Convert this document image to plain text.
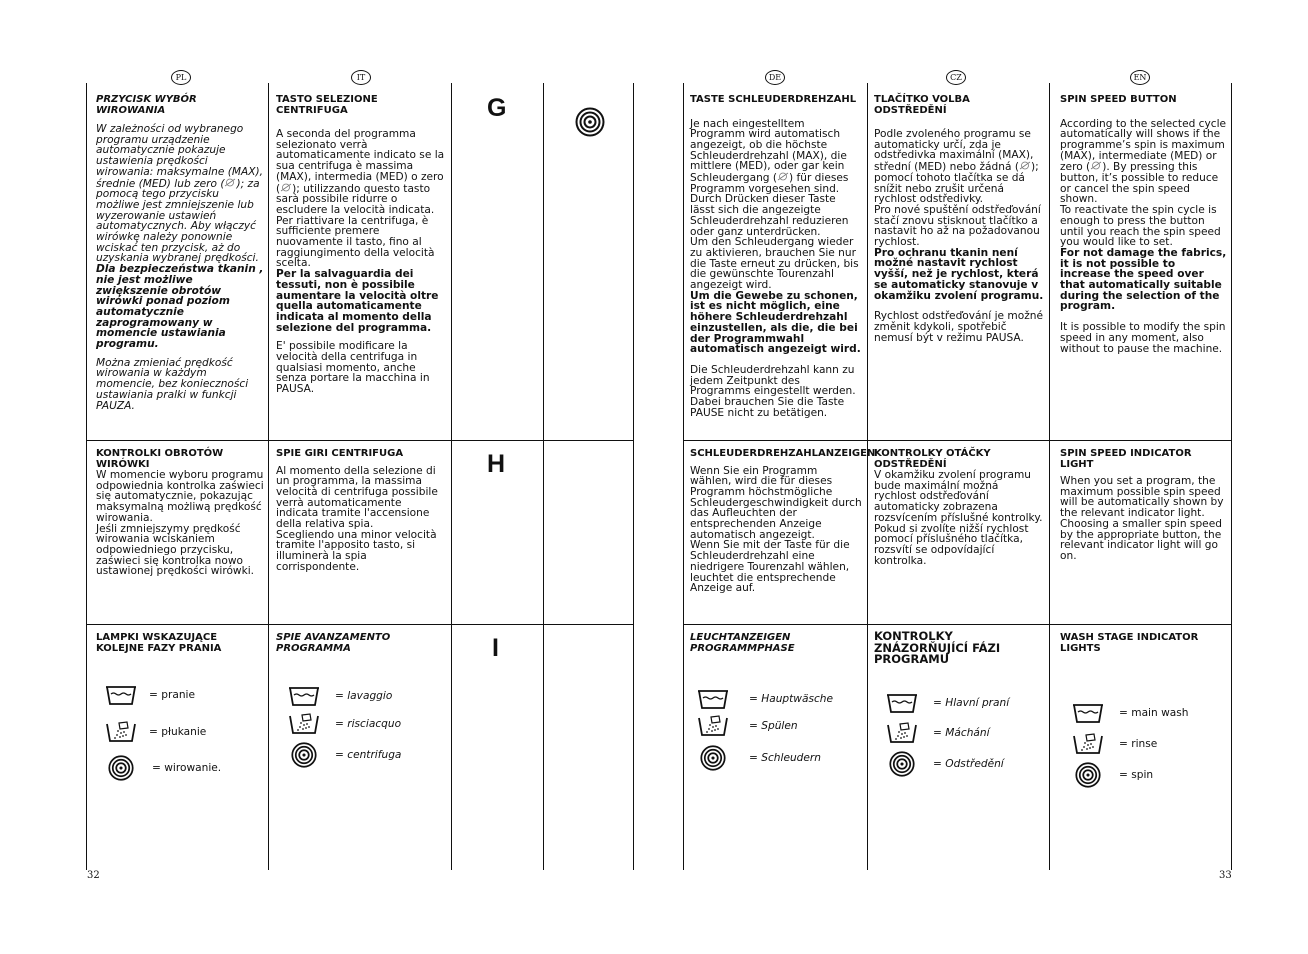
PL	IT
PRZYCISK WYBÓR WIROWANIA

W zależności od wybranego programu urządzenie automatycznie pokazuje ustawienia prędkości wirowania: maksymalne (MAX), średnie (MED) lub zero ( ); za pomocą tego przycisku możliwe jest zmniejszenie lub wyzerowanie ustawień automatycznych. Aby włączyć wirówkę należy ponownie wciskać ten przycisk, aż do uzyskania wybranej prędkości.

Dla bezpieczeństwa tkanin , nie jest możliwe zwiększenie obrotów wirówki ponad poziom automatycznie zaprogramowany w momencie ustawiania programu.

Można zmieniać prędkość wirowania w każdym momencie, bez konieczności ustawiania pralki w funkcji PAUZA.

TASTO SELEZIONE CENTRIFUGA

A seconda del programma selezionato verrà automaticamente indicato se la sua centrifuga è massima (MAX), intermedia (MED) o zero ( ); utilizzando questo tasto sarà possibile ridurre o escludere la velocità indicata.

Per riattivare la centrifuga, è sufficiente premere nuovamente il tasto, fino al raggiungimento della velocità scelta.

Per la salvaguardia dei tessuti, non è possibile aumentare la velocità oltre quella automaticamente indicata al momento della selezione del programma.

E' possibile modificare la velocità della centrifuga in qualsiasi momento, anche senza portare la macchina in PAUSA.

G
KONTROLKI OBROTÓW WIRÓWKI

W momencie wyboru programu odpowiednia kontrolka zaświeci się automatycznie, pokazując maksymalną możliwą prędkość wirowania.

Jeśli zmniejszymy prędkość wirowania wciskaniem odpowiedniego przycisku, zaświeci się kontrolka nowo ustawionej prędkości wirówki.

SPIE GIRI CENTRIFUGA

Al momento della selezione di un programma, la massima velocità di centrifuga possibile verrà automaticamente indicata tramite l'accensione della relativa spia.

Scegliendo una minor velocità tramite l'apposito tasto, si illuminerà la spia corrispondente.

H
LAMPKI WSKAZUJĄCE KOLEJNE FAZY PRANIA
= pranie
= płukanie
= wirowanie.
SPIE AVANZAMENTO PROGRAMMA
= lavaggio
= risciacquo
= centrifuga
I
32
DE	CZ	EN
TASTE SCHLEUDERDREHZAHL

Je nach eingestelltem Programm wird automatisch angezeigt, ob die höchste Schleuderdrehzahl (MAX), die mittlere (MED), oder gar kein Schleudergang ( ) für dieses Programm vorgesehen sind. Durch Drücken dieser Taste lässt sich die angezeigte Schleuderdrehzahl reduzieren oder ganz unterdrücken.

Um den Schleudergang wieder zu aktivieren, brauchen Sie nur die Taste erneut zu drücken, bis die gewünschte Tourenzahl angezeigt wird.

Um die Gewebe zu schonen, ist es nicht möglich, eine höhere Schleuderdrehzahl einzustellen, als die, die bei der Programmwahl automatisch angezeigt wird.

Die Schleuderdrehzahl kann zu jedem Zeitpunkt des Programms eingestellt werden. Dabei brauchen Sie die Taste PAUSE nicht zu betätigen.

TLAČÍTKO VOLBA ODSTŘEDĚNÍ

Podle zvoleného programu se automaticky určí, zda je odstředivka maximální (MAX), střední (MED) nebo žádná ( ); pomocí tohoto tlačítka se dá snížit nebo zrušit určená rychlost odstředivky.

Pro nové spuštění odstřeďování stačí znovu stisknout tlačítko a nastavit ho až na požadovanou rychlost.

Pro ochranu tkanin není možné nastavit rychlost vyšší, než je rychlost, která se automaticky stanovuje v okamžiku zvolení programu.

Rychlost odstřeďování je možné změnit kdykoli, spotřebič nemusí být v režimu PAUSA.

SPIN SPEED BUTTON

According to the selected cycle automatically will shows if the programme’s spin is maximum (MAX), intermediate (MED) or zero ( ). By pressing this button, it’s possible to reduce or cancel the spin speed shown.

To reactivate the spin cycle is enough to press the button until you reach the spin speed you would like to set.

For not damage the fabrics, it is not possible to increase the speed over that automatically suitable during the selection of the program.

It is possible to modify the spin speed in any moment, also without to pause the machine.

SCHLEUDERDREHZAHLANZEIGEN

Wenn Sie ein Programm wählen, wird die für dieses Programm höchstmögliche Schleudergeschwindigkeit durch das Aufleuchten der entsprechenden Anzeige automatisch angezeigt.

Wenn Sie mit der Taste für die Schleuderdrehzahl eine niedrigere Tourenzahl wählen, leuchtet die entsprechende Anzeige auf.

KONTROLKY OTÁČKY ODSTŘEDĚNÍ

V okamžiku zvolení programu bude maximální možná rychlost odstřeďování automaticky zobrazena rozsvícením příslušné kontrolky.

Pokud si zvolíte nižší rychlost pomocí příslušného tlačítka, rozsvítí se odpovídající kontrolka.

SPIN SPEED INDICATOR LIGHT

When you set a program, the maximum possible spin speed will be automatically shown by the relevant indicator light.

Choosing a smaller spin speed by the appropriate button, the relevant indicator light will go on.

LEUCHTANZEIGEN PROGRAMMPHASE
= Hauptwäsche
= Spülen
= Schleudern
KONTROLKY ZNÁZORŇUJÍCÍ FÁZI PROGRAMU
= Hlavní praní
= Máchání
= Odstředění
WASH STAGE INDICATOR LIGHTS
= main wash
= rinse
= spin
33
